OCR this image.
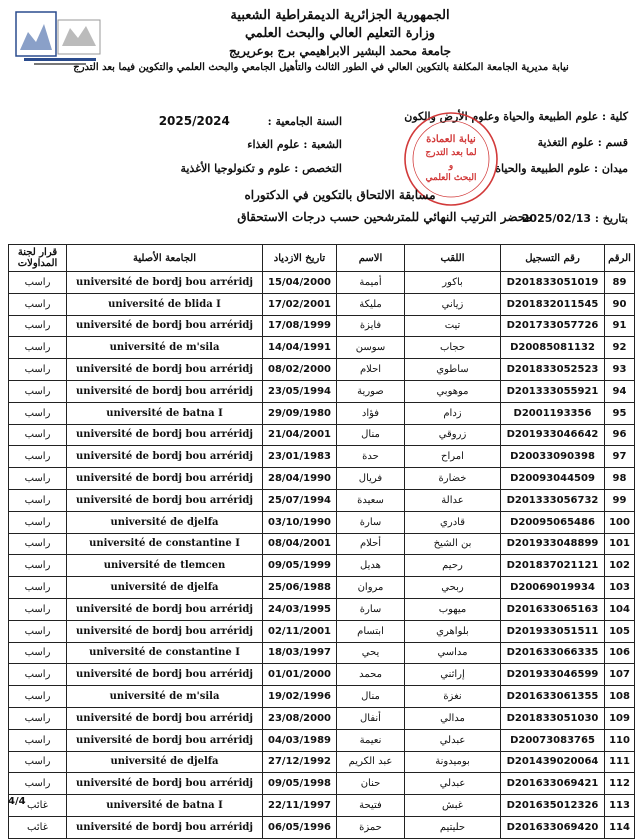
الجمهورية الجزائرية الديمقراطية الشعبية
وزارة التعليم العالي والبحث العلمي
جامعة محمد البشير الابراهيمي برج بوعريريج
نيابة مديرية الجامعة المكلفة بالتكوين العالي في الطور الثالث والتأهيل الجامعي والبحث العلمي والتكوين فيما بعد التدرج
كلية : علوم الطبيعة والحياة وعلوم الأرض والكون
قسم : علوم التغذية
ميدان : علوم الطبيعة والحياة
السنة الجامعية :  2025/2024
الشعبة : علوم الغذاء
التخصص : علوم و تكنولوجيا الأغذية
نيابة العمادة
لما بعد التدرج
و
البحث العلمي
مسابقة الالتحاق بالتكوين في الدكتوراه
محضر الترتيب النهائي للمترشحين حسب درجات الاستحقاق	بتاريخ : 2025/02/13
الرقم	رقم التسجيل	اللقب	الاسم	تاريخ الازدياد	الجامعة الأصلية	قرار لجنة المداولات
89	D201833051019	باكور	أميمة	15/04/2000	université de bordj bou arréridj	راسب
90	D201832011545	زياني	مليكة	17/02/2001	université de blida I	راسب
91	D201733057726	تيت	فايزة	17/08/1999	université de bordj bou arréridj	راسب
92	D20085081132	حجاب	سوسن	14/04/1991	université de m'sila	راسب
93	D201833052523	ساطوي	احلام	08/02/2000	université de bordj bou arréridj	راسب
94	D201333055921	موهوبي	صورية	23/05/1994	université de bordj bou arréridj	راسب
95	D2001193356	زدام	فؤاد	29/09/1980	université de batna I	راسب
96	D201933046642	زروقي	منال	21/04/2001	université de bordj bou arréridj	راسب
97	D20033090398	امراح	حدة	23/01/1983	université de bordj bou arréridj	راسب
98	D20093044509	خضارة	فريال	28/04/1990	université de bordj bou arréridj	راسب
99	D201333056732	عدالة	سعيدة	25/07/1994	université de bordj bou arréridj	راسب
100	D20095065486	قادري	سارة	03/10/1990	université de djelfa	راسب
101	D201933048899	بن الشيخ	أحلام	08/04/2001	université de constantine I	راسب
102	D201837021121	رحيم	هديل	09/05/1999	université de tlemcen	راسب
103	D20069019934	ربحي	مروان	25/06/1988	université de djelfa	راسب
104	D201633065163	ميهوب	سارة	24/03/1995	université de bordj bou arréridj	راسب
105	D201933051511	بلواهري	ابتسام	02/11/2001	université de bordj bou arréridj	راسب
106	D201633066335	مداسي	يحي	18/03/1997	université de constantine I	راسب
107	D201933046599	إراثني	محمد	01/01/2000	université de bordj bou arréridj	راسب
108	D201633061355	نغزة	منال	19/02/1996	université de m'sila	راسب
109	D201833051030	مدالي	أنفال	23/08/2000	université de bordj bou arréridj	راسب
110	D20073083765	عبدلي	نعيمة	04/03/1989	université de bordj bou arréridj	راسب
111	D201439020064	بوميدونة	عبد الكريم	27/12/1992	université de djelfa	راسب
112	D201633069421	عبدلي	حنان	09/05/1998	université de bordj bou arréridj	راسب
113	D201635012326	غبش	فتيحة	22/11/1997	université de batna I	غائب
114	D201633069420	حليتيم	حمزة	06/05/1996	université de bordj bou arréridj	غائب
4/4
